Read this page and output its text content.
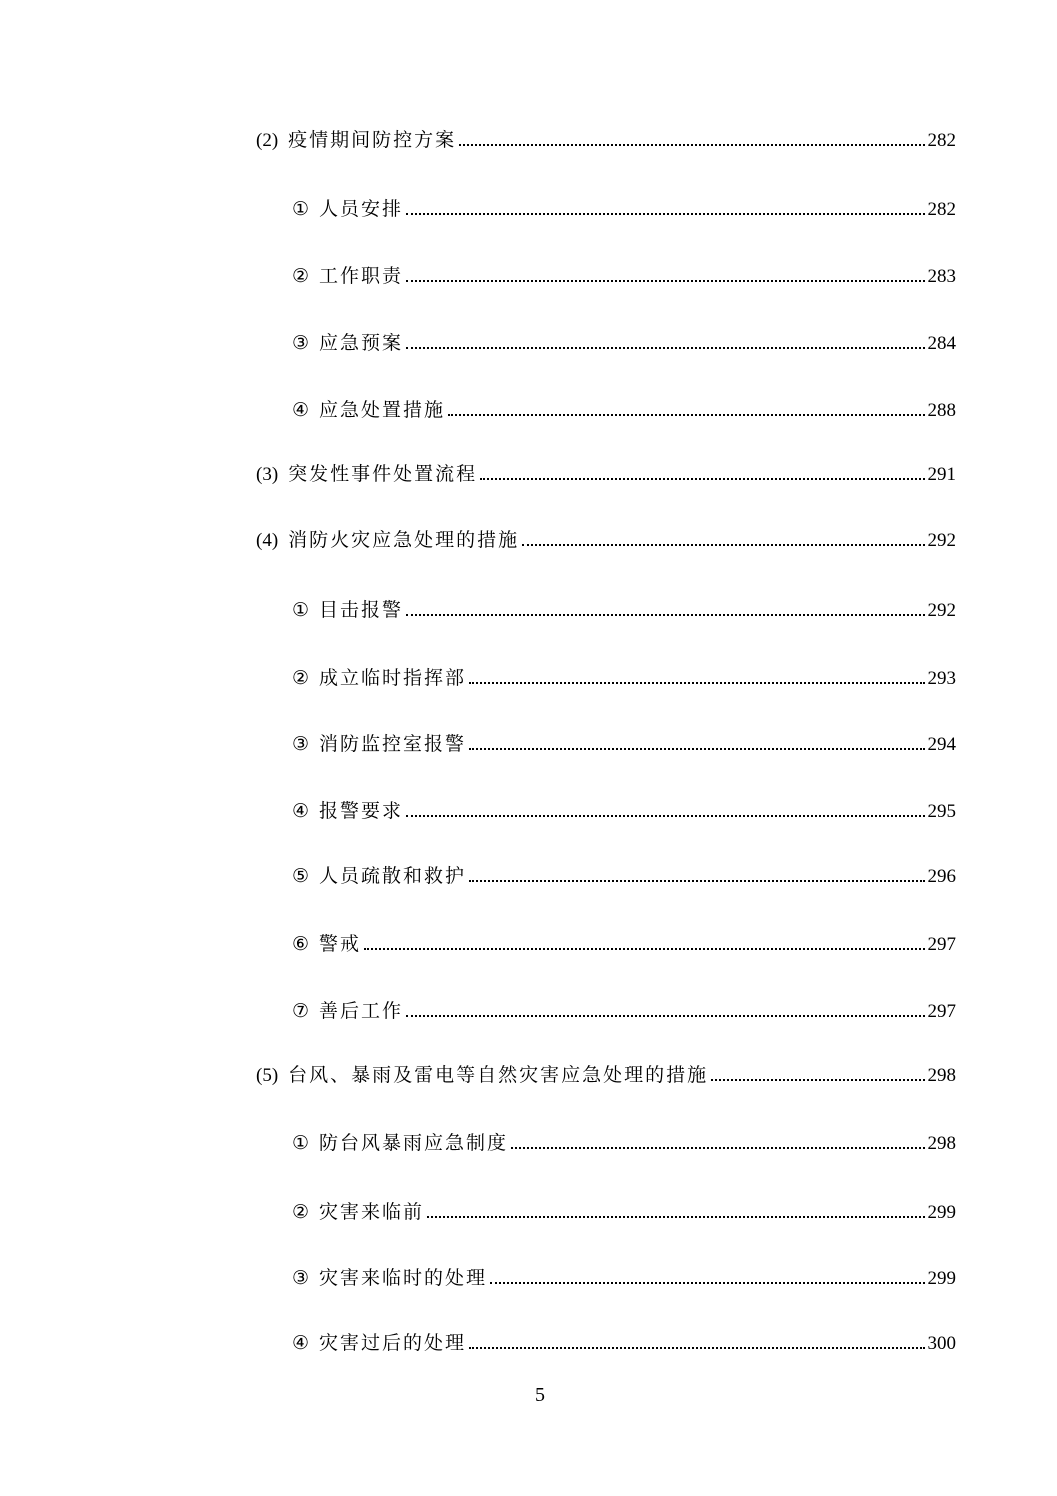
(2) 疫情期间防控方案	282
① 人员安排	282
② 工作职责	283
③ 应急预案	284
④ 应急处置措施	288
(3) 突发性事件处置流程	291
(4) 消防火灾应急处理的措施	292
① 目击报警	292
② 成立临时指挥部	293
③ 消防监控室报警	294
④ 报警要求	295
⑤ 人员疏散和救护	296
⑥ 警戒	297
⑦ 善后工作	297
(5) 台风、暴雨及雷电等自然灾害应急处理的措施	298
① 防台风暴雨应急制度	298
② 灾害来临前	299
③ 灾害来临时的处理	299
④ 灾害过后的处理	300
5
